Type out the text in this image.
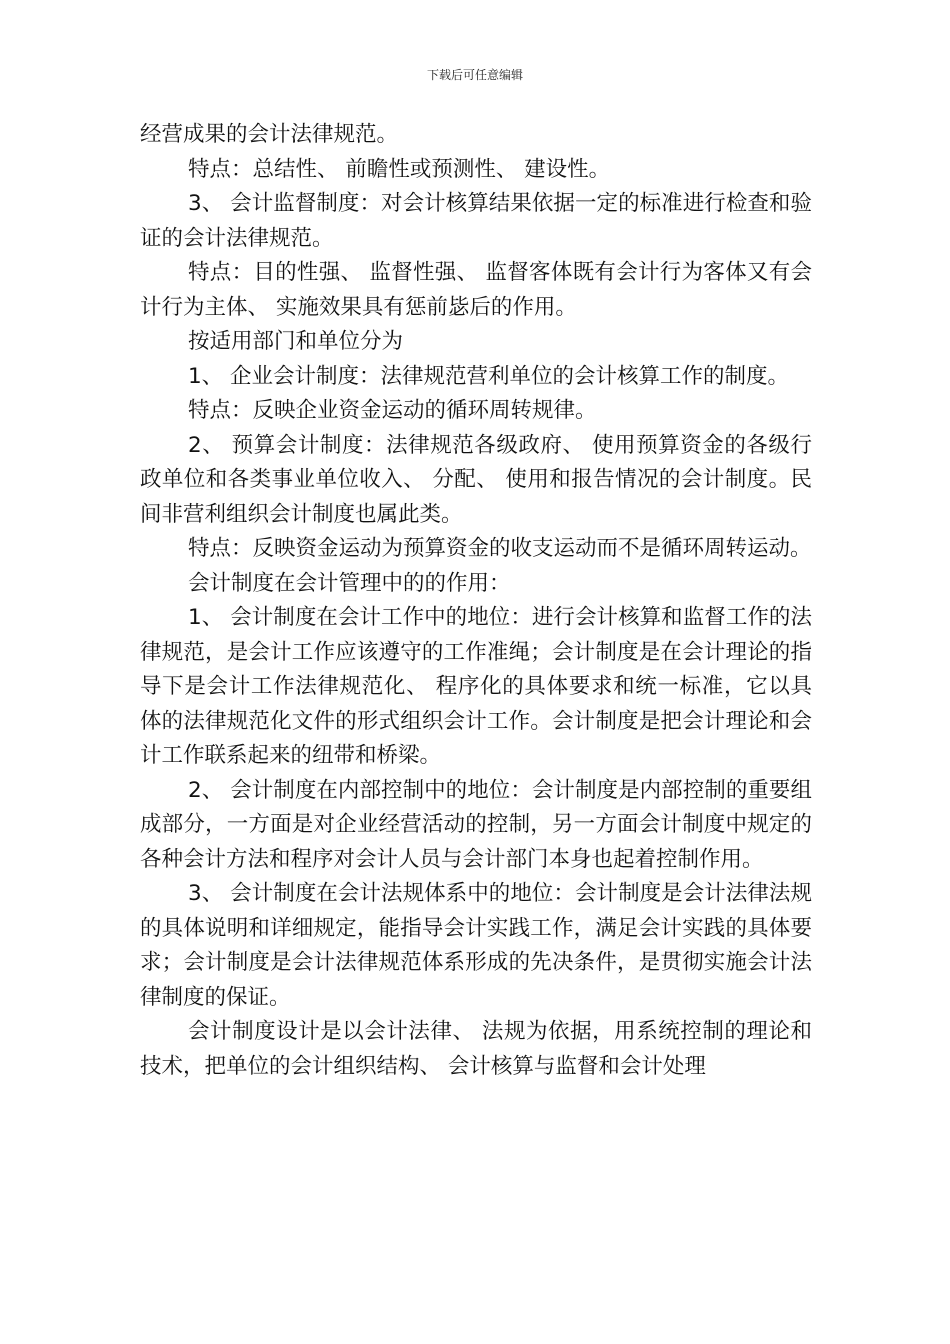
下载后可任意编辑

经营成果的会计法律规范。

特点：总结性、 前瞻性或预测性、 建设性。

3、 会计监督制度：对会计核算结果依据一定的标准进行检查和验证的会计法律规范。

特点：目的性强、 监督性强、 监督客体既有会计行为客体又有会计行为主体、 实施效果具有惩前毖后的作用。

按适用部门和单位分为

1、 企业会计制度：法律规范营利单位的会计核算工作的制度。

特点：反映企业资金运动的循环周转规律。

2、 预算会计制度：法律规范各级政府、 使用预算资金的各级行政单位和各类事业单位收入、 分配、 使用和报告情况的会计制度。民间非营利组织会计制度也属此类。

特点：反映资金运动为预算资金的收支运动而不是循环周转运动。

会计制度在会计管理中的的作用：

1、 会计制度在会计工作中的地位：进行会计核算和监督工作的法律规范，是会计工作应该遵守的工作准绳；会计制度是在会计理论的指导下是会计工作法律规范化、 程序化的具体要求和统一标准，它以具体的法律规范化文件的形式组织会计工作。会计制度是把会计理论和会计工作联系起来的纽带和桥梁。

2、 会计制度在内部控制中的地位：会计制度是内部控制的重要组成部分，一方面是对企业经营活动的控制，另一方面会计制度中规定的各种会计方法和程序对会计人员与会计部门本身也起着控制作用。

3、 会计制度在会计法规体系中的地位：会计制度是会计法律法规的具体说明和详细规定，能指导会计实践工作，满足会计实践的具体要求；会计制度是会计法律规范体系形成的先决条件，是贯彻实施会计法律制度的保证。

会计制度设计是以会计法律、 法规为依据，用系统控制的理论和技术，把单位的会计组织结构、 会计核算与监督和会计处理
